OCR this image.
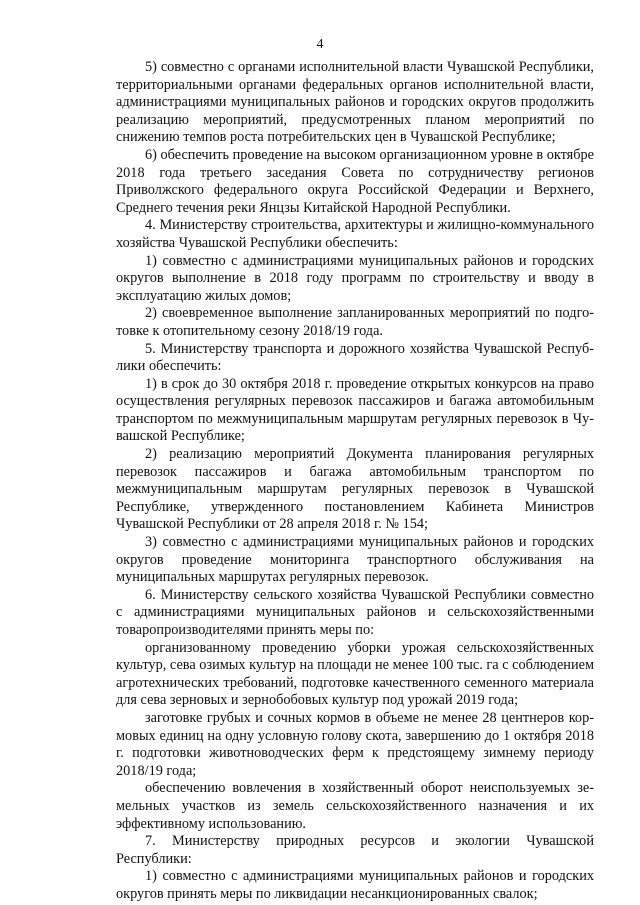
4

5) совместно с органами исполнительной власти Чувашской Республики, территориальными органами федеральных органов исполнительной власти, администрациями муниципальных районов и городских округов продолжить реализацию мероприятий, предусмотренных планом мероприятий по снижению темпов роста потребительских цен в Чувашской Республике;

6) обеспечить проведение на высоком организационном уровне в октябре 2018 года третьего заседания Совета по сотрудничеству регионов Приволжского федерального округа Российской Федерации и Верхнего, Среднего течения реки Янцзы Китайской Народной Республики.

4. Министерству строительства, архитектуры и жилищно-коммунального хозяйства Чувашской Республики обеспечить:

1) совместно с администрациями муниципальных районов и городских округов выполнение в 2018 году программ по строительству и вводу в эксплуатацию жилых домов;

2) своевременное выполнение запланированных мероприятий по подготовке к отопительному сезону 2018/19 года.

5. Министерству транспорта и дорожного хозяйства Чувашской Республики обеспечить:

1) в срок до 30 октября 2018 г. проведение открытых конкурсов на право осуществления регулярных перевозок пассажиров и багажа автомобильным транспортом по межмуниципальным маршрутам регулярных перевозок в Чувашской Республике;

2) реализацию мероприятий Документа планирования регулярных перевозок пассажиров и багажа автомобильным транспортом по межмуниципальным маршрутам регулярных перевозок в Чувашской Республике, утвержденного постановлением Кабинета Министров Чувашской Республики от 28 апреля 2018 г. № 154;

3) совместно с администрациями муниципальных районов и городских округов проведение мониторинга транспортного обслуживания на муниципальных маршрутах регулярных перевозок.

6. Министерству сельского хозяйства Чувашской Республики совместно с администрациями муниципальных районов и сельскохозяйственными товаропроизводителями принять меры по:

организованному проведению уборки урожая сельскохозяйственных культур, сева озимых культур на площади не менее 100 тыс. га с соблюдением агротехнических требований, подготовке качественного семенного материала для сева зерновых и зернобобовых культур под урожай 2019 года;

заготовке грубых и сочных кормов в объеме не менее 28 центнеров кормовых единиц на одну условную голову скота, завершению до 1 октября 2018 г. подготовки животноводческих ферм к предстоящему зимнему периоду 2018/19 года;

обеспечению вовлечения в хозяйственный оборот неиспользуемых земельных участков из земель сельскохозяйственного назначения и их эффективному использованию.

7. Министерству природных ресурсов и экологии Чувашской Республики:

1) совместно с администрациями муниципальных районов и городских округов принять меры по ликвидации несанкционированных свалок;
